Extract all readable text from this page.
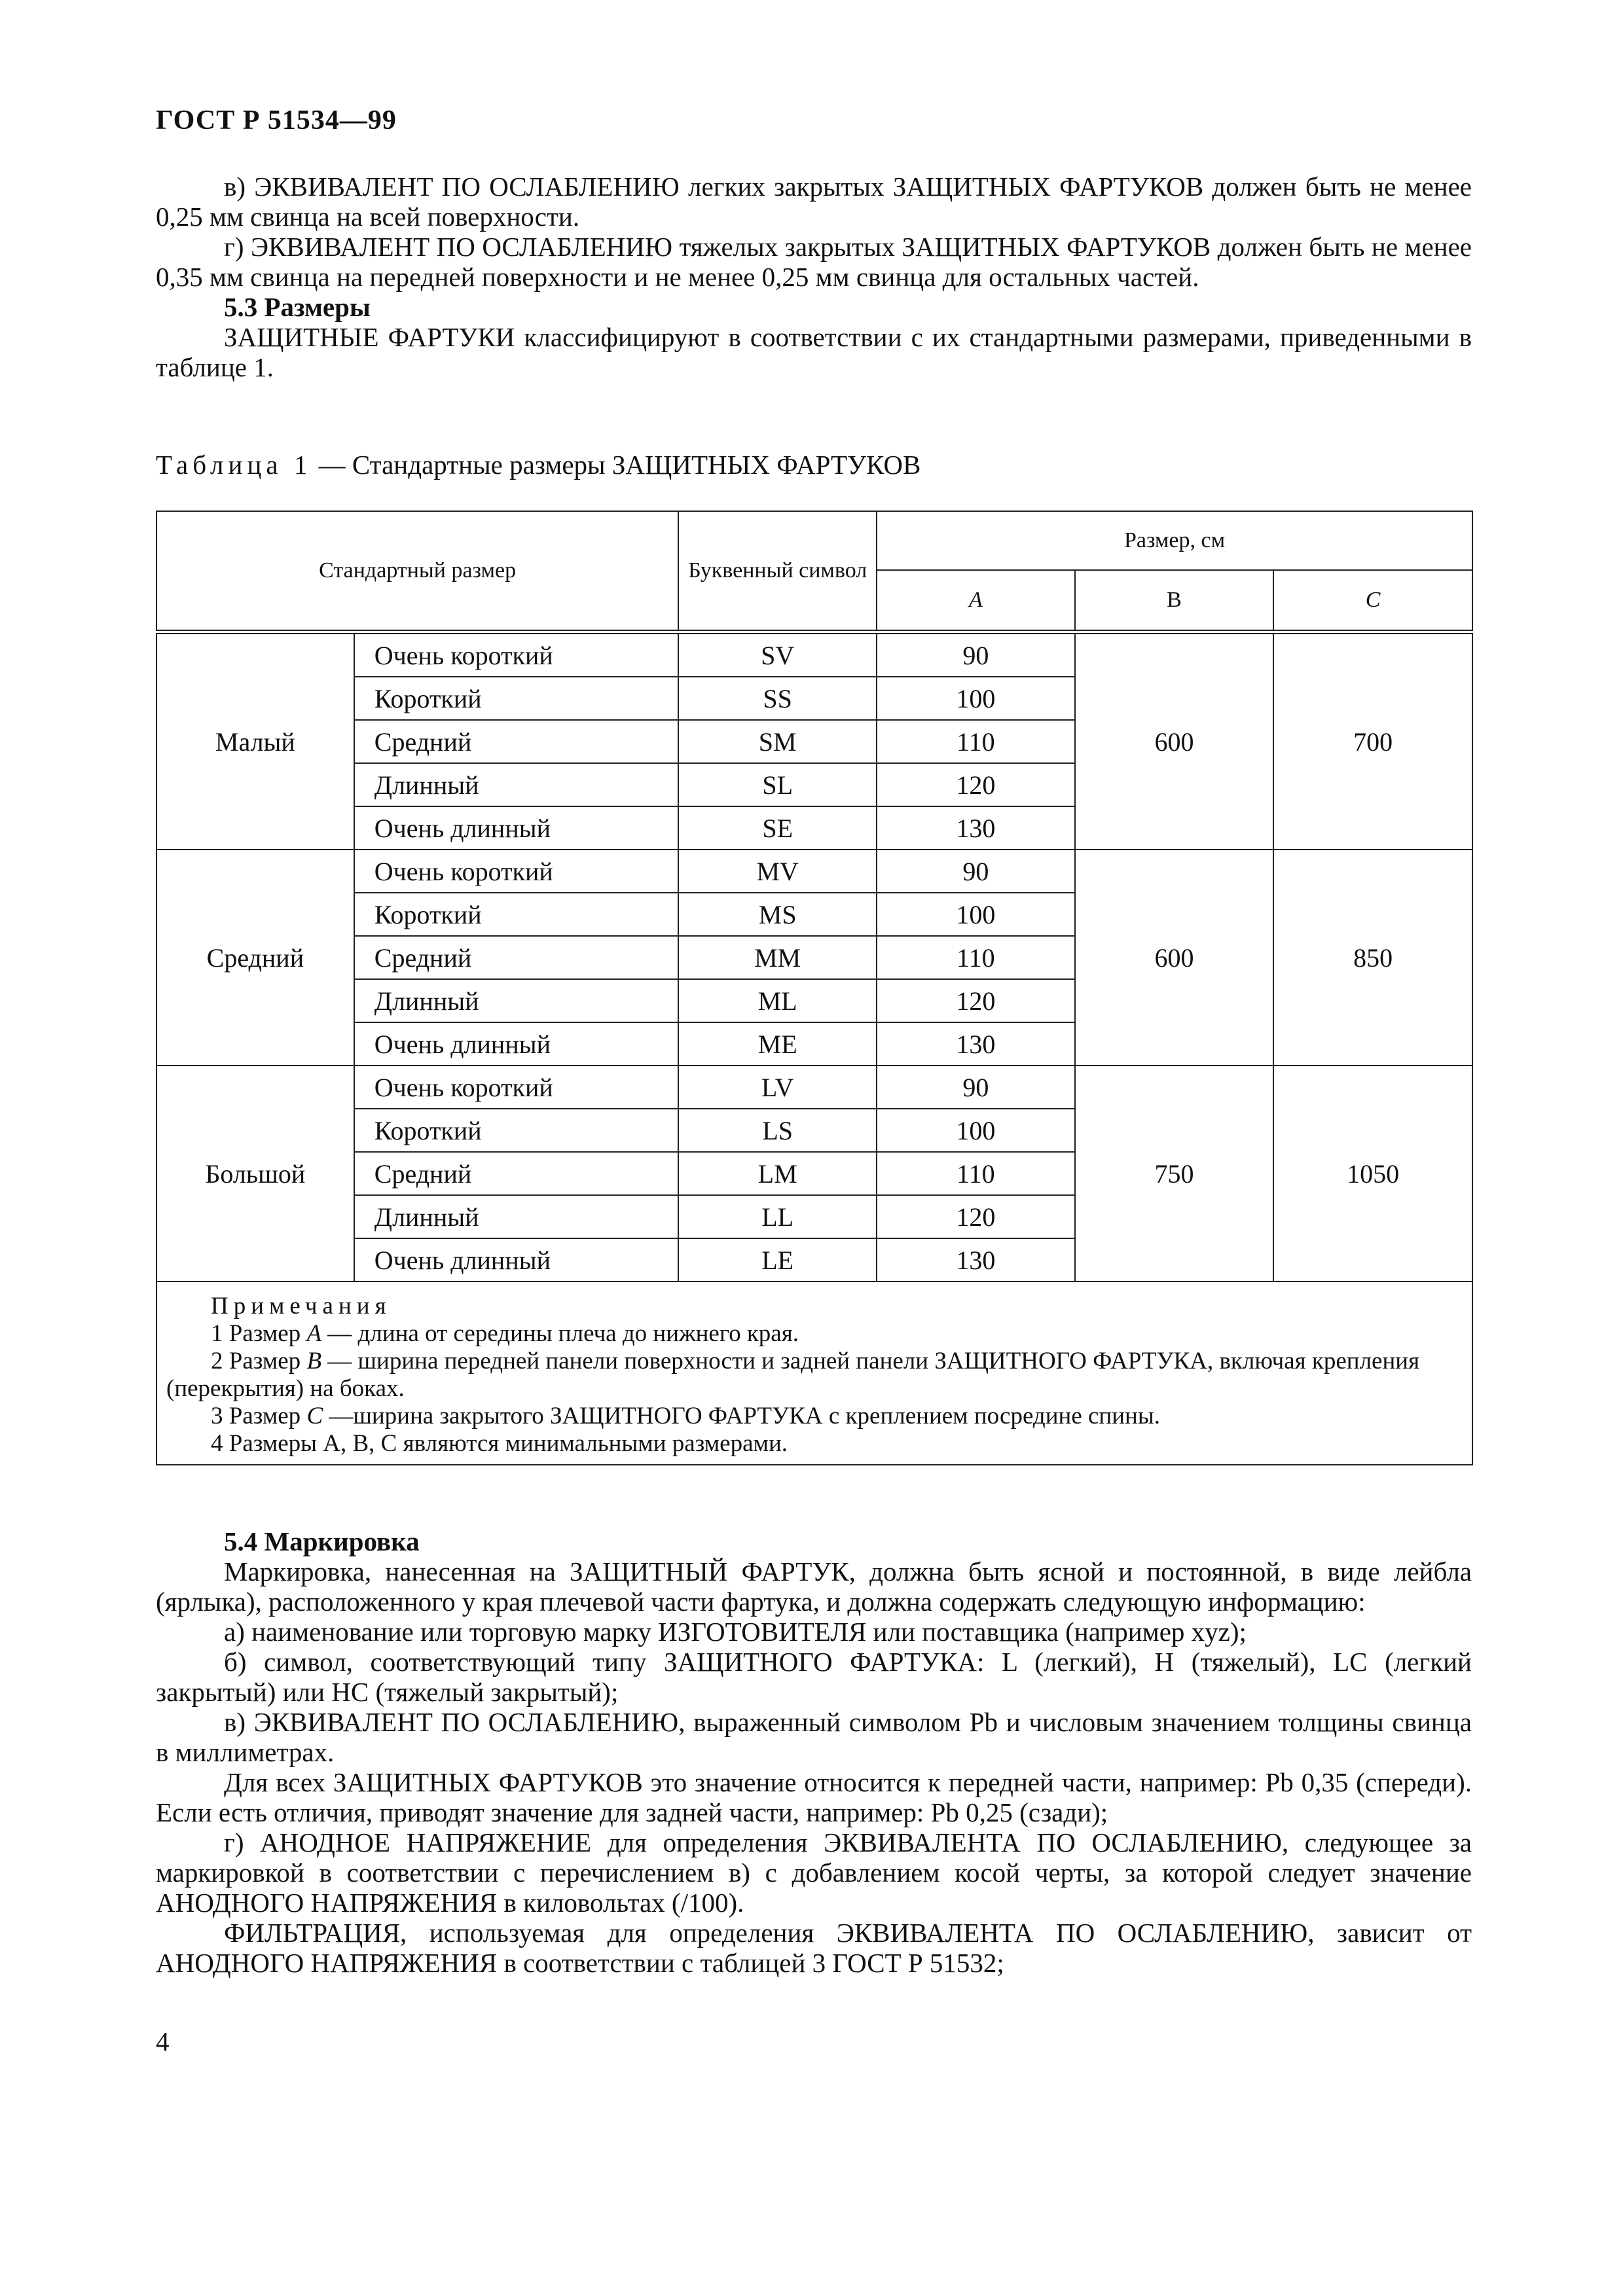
ГОСТ Р 51534—99

в) ЭКВИВАЛЕНТ ПО ОСЛАБЛЕНИЮ легких закрытых ЗАЩИТНЫХ ФАРТУКОВ должен быть не менее 0,25 мм свинца на всей поверхности.

г) ЭКВИВАЛЕНТ ПО ОСЛАБЛЕНИЮ тяжелых закрытых ЗАЩИТНЫХ ФАРТУКОВ должен быть не менее 0,35 мм свинца на передней поверхности и не менее 0,25 мм свинца для остальных частей.

5.3 Размеры

ЗАЩИТНЫЕ ФАРТУКИ классифицируют в соответствии с их стандартными размерами, приведенными в таблице 1.

Таблица 1 — Стандартные размеры ЗАЩИТНЫХ ФАРТУКОВ
Стандартный размер		Буквенный символ	Размер, см		
			A	B	C
Малый	Очень короткий	SV	90	600	700
	Короткий	SS	100		
	Средний	SM	110		
	Длинный	SL	120		
	Очень длинный	SE	130		
Средний	Очень короткий	MV	90	600	850
	Короткий	MS	100		
	Средний	MM	110		
	Длинный	ML	120		
	Очень длинный	ME	130		
Большой	Очень короткий	LV	90	750	1050
	Короткий	LS	100		
	Средний	LM	110		
	Длинный	LL	120		
	Очень длинный	LE	130		

Примечания

1 Размер A — длина от середины плеча до нижнего края.

2 Размер B — ширина передней панели поверхности и задней панели ЗАЩИТНОГО ФАРТУКА, включая крепления (перекрытия) на боках.

3 Размер C —ширина закрытого ЗАЩИТНОГО ФАРТУКА с креплением посредине спины.

4 Размеры А, В, С являются минимальными размерами.					

5.4 Маркировка

Маркировка, нанесенная на ЗАЩИТНЫЙ ФАРТУК, должна быть ясной и постоянной, в виде лейбла (ярлыка), расположенного у края плечевой части фартука, и должна содержать следующую информацию:

а) наименование или торговую марку ИЗГОТОВИТЕЛЯ или поставщика (например xyz);

б) символ, соответствующий типу ЗАЩИТНОГО ФАРТУКА: L (легкий), H (тяжелый), LC (легкий закрытый) или HC (тяжелый закрытый);

в) ЭКВИВАЛЕНТ ПО ОСЛАБЛЕНИЮ, выраженный символом Pb и числовым значением толщины свинца в миллиметрах.

Для всех ЗАЩИТНЫХ ФАРТУКОВ это значение относится к передней части, например: Pb 0,35 (спереди). Если есть отличия, приводят значение для задней части, например: Pb 0,25 (сзади);

г) АНОДНОЕ НАПРЯЖЕНИЕ для определения ЭКВИВАЛЕНТА ПО ОСЛАБЛЕНИЮ, следующее за маркировкой в соответствии с перечислением в) с добавлением косой черты, за которой следует значение АНОДНОГО НАПРЯЖЕНИЯ в киловольтах (/100).

ФИЛЬТРАЦИЯ, используемая для определения ЭКВИВАЛЕНТА ПО ОСЛАБЛЕНИЮ, зависит от АНОДНОГО НАПРЯЖЕНИЯ в соответствии с таблицей 3 ГОСТ Р 51532;

4
